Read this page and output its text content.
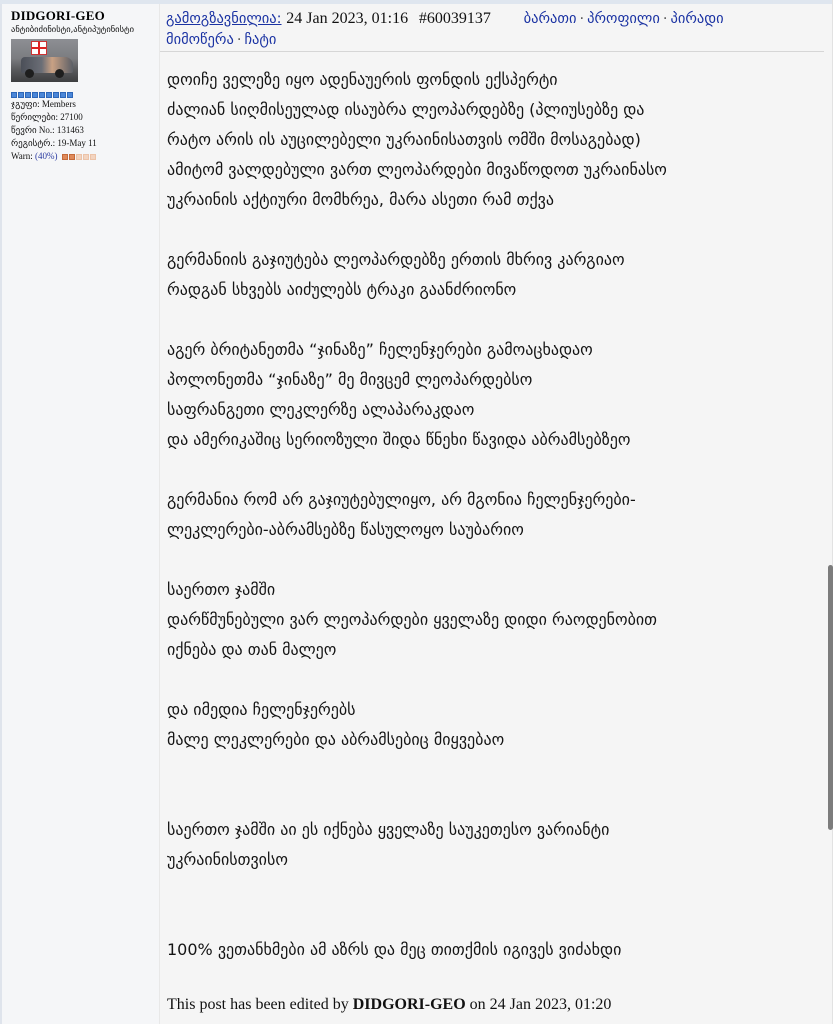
DIDGORI-GEO
ანტიბიძინისტი,ანტიპუტინისტი
ჯგუფი: Members
წერილები: 27100
წევრი No.: 131463
რეგისტრ.: 19-May 11
Warn: (40%)
გამოგზავნილია: 24 Jan 2023, 01:16 #60039137 ბარათი · პროფილი · პირადი
მიმოწერა · ჩატი
დოიჩე ველეზე იყო ადენაუერის ფონდის ექსპერტი
ძალიან სიღმისეულად ისაუბრა ლეოპარდებზე (პლიუსებზე და
რატო არის ის აუცილებელი უკრაინისათვის ომში მოსაგებად)
ამიტომ ვალდებული ვართ ლეოპარდები მივაწოდოთ უკრაინასო
უკრაინის აქტიური მომხრეა, მარა ასეთი რამ თქვა
გერმანიის გაჯიუტება ლეოპარდებზე ერთის მხრივ კარგიაო
რადგან სხვებს აიძულებს ტრაკი გაანძრიონო
აგერ ბრიტანეთმა “ჯინაზე” ჩელენჯერები გამოაცხადაო
პოლონეთმა “ჯინაზე” მე მივცემ ლეოპარდებსო
საფრანგეთი ლეკლერზე ალაპარაკდაო
და ამერიკაშიც სერიოზული შიდა წნეხი წავიდა აბრამსებზეო
გერმანია რომ არ გაჯიუტებულიყო, არ მგონია ჩელენჯერები-
ლეკლერები-აბრამსებზე წასულოყო საუბარიო
საერთო ჯამში
დარწმუნებული ვარ ლეოპარდები ყველაზე დიდი რაოდენობით
იქნება და თან მალეო
და იმედია ჩელენჯერებს
მალე ლეკლერები და აბრამსებიც მიყვებაო
საერთო ჯამში აი ეს იქნება ყველაზე საუკეთესო ვარიანტი
უკრაინისთვისო
100% ვეთანხმები ამ აზრს და მეც თითქმის იგივეს ვიძახდი
This post has been edited by DIDGORI-GEO on 24 Jan 2023, 01:20
